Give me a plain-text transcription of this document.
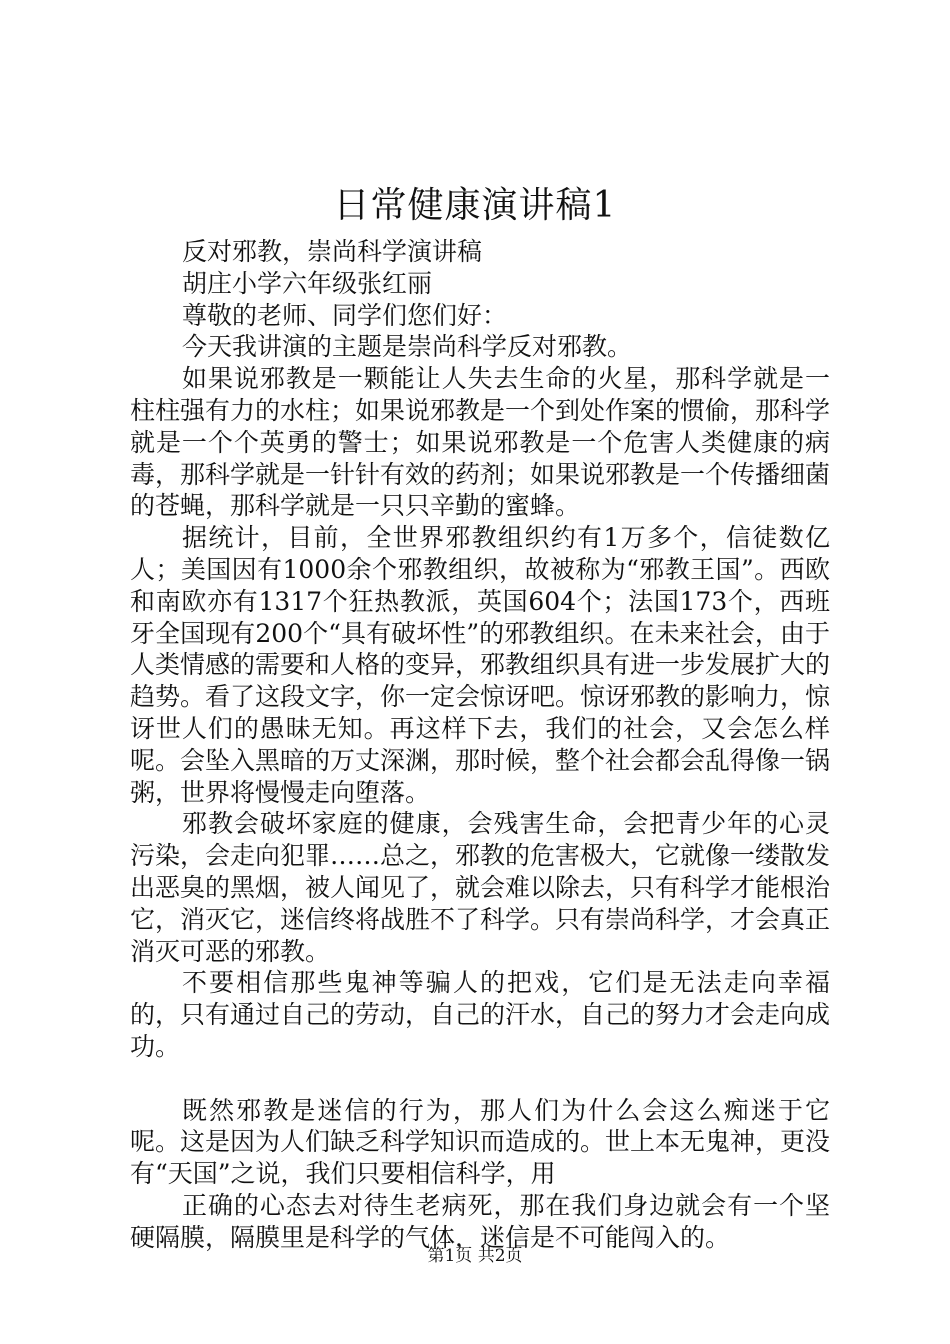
日常健康演讲稿1

反对邪教，崇尚科学演讲稿

胡庄小学六年级张红丽

尊敬的老师、同学们您们好：

今天我讲演的主题是崇尚科学反对邪教。

如果说邪教是一颗能让人失去生命的火星，那科学就是一柱柱强有力的水柱；如果说邪教是一个到处作案的惯偷，那科学就是一个个英勇的警士；如果说邪教是一个危害人类健康的病毒，那科学就是一针针有效的药剂；如果说邪教是一个传播细菌的苍蝇，那科学就是一只只辛勤的蜜蜂。

据统计，目前，全世界邪教组织约有1万多个，信徒数亿人；美国因有1000余个邪教组织，故被称为“邪教王国”。西欧和南欧亦有1317个狂热教派，英国604个；法国173个，西班牙全国现有200个“具有破坏性”的邪教组织。在未来社会，由于人类情感的需要和人格的变异，邪教组织具有进一步发展扩大的趋势。看了这段文字，你一定会惊讶吧。惊讶邪教的影响力，惊讶世人们的愚昧无知。再这样下去，我们的社会，又会怎么样呢。会坠入黑暗的万丈深渊，那时候，整个社会都会乱得像一锅粥，世界将慢慢走向堕落。

邪教会破坏家庭的健康，会残害生命，会把青少年的心灵污染，会走向犯罪……总之，邪教的危害极大，它就像一缕散发出恶臭的黑烟，被人闻见了，就会难以除去，只有科学才能根治它，消灭它，迷信终将战胜不了科学。只有崇尚科学，才会真正消灭可恶的邪教。

不要相信那些鬼神等骗人的把戏，它们是无法走向幸福的，只有通过自己的劳动，自己的汗水，自己的努力才会走向成功。

既然邪教是迷信的行为，那人们为什么会这么痴迷于它呢。这是因为人们缺乏科学知识而造成的。世上本无鬼神，更没有“天国”之说，我们只要相信科学，用

正确的心态去对待生老病死，那在我们身边就会有一个坚硬隔膜，隔膜里是科学的气体，迷信是不可能闯入的。

第1页 共2页
